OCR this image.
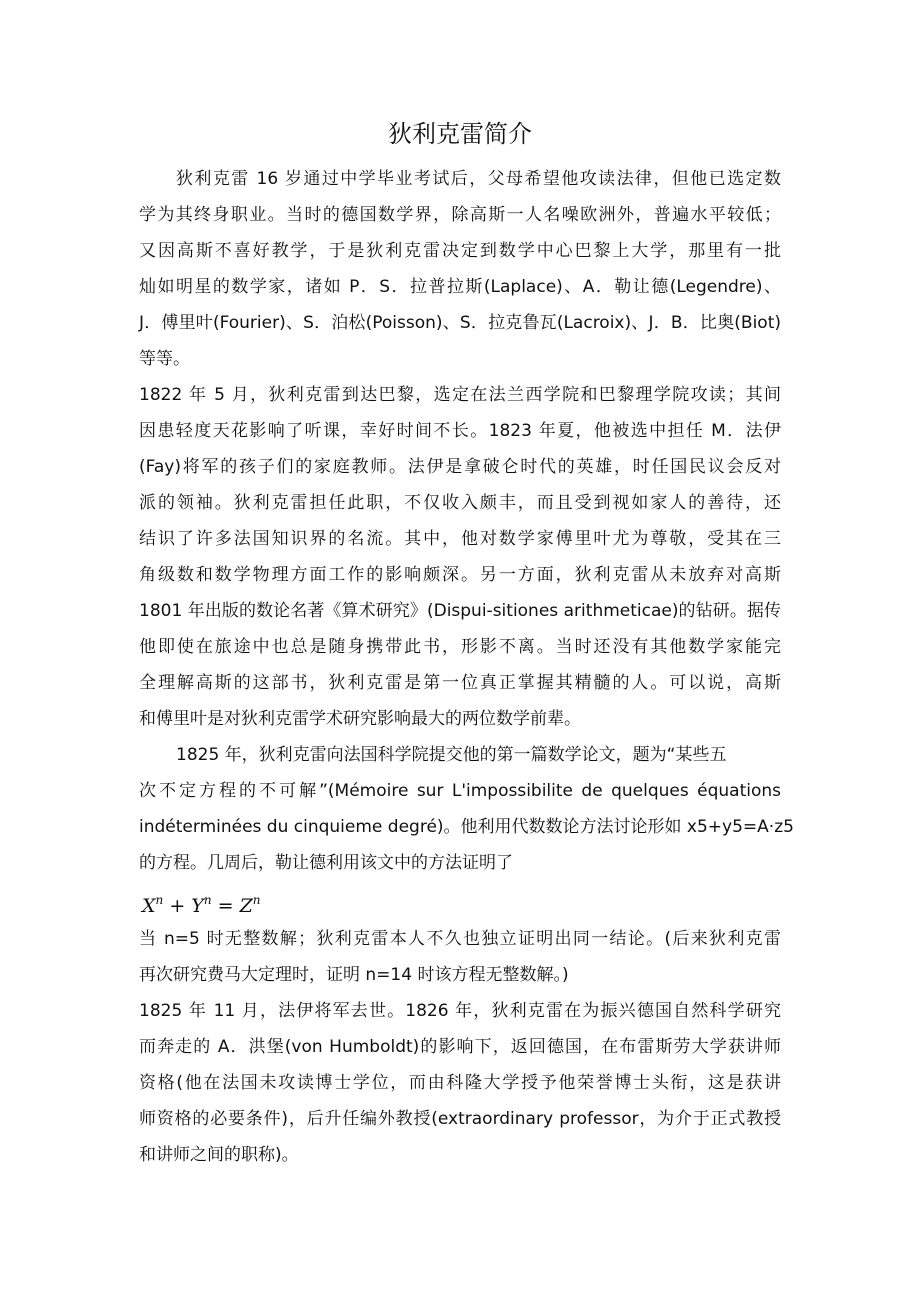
狄利克雷简介

狄利克雷 16 岁通过中学毕业考试后，父母希望他攻读法律，但他已选定数

学为其终身职业。当时的德国数学界，除高斯一人名噪欧洲外，普遍水平较低；

又因高斯不喜好教学，于是狄利克雷决定到数学中心巴黎上大学，那里有一批

灿如明星的数学家，诸如 P．S．拉普拉斯(Laplace)、A．勒让德(Legendre)、

J．傅里叶(Fourier)、S．泊松(Poisson)、S．拉克鲁瓦(Lacroix)、J．B．比奥(Biot)

等等。

1822 年 5 月，狄利克雷到达巴黎，选定在法兰西学院和巴黎理学院攻读；其间

因患轻度天花影响了听课，幸好时间不长。1823 年夏，他被选中担任 M．法伊

(Fay)将军的孩子们的家庭教师。法伊是拿破仑时代的英雄，时任国民议会反对

派的领袖。狄利克雷担任此职，不仅收入颇丰，而且受到视如家人的善待，还

结识了许多法国知识界的名流。其中，他对数学家傅里叶尤为尊敬，受其在三

角级数和数学物理方面工作的影响颇深。另一方面，狄利克雷从未放弃对高斯

1801 年出版的数论名著《算术研究》(Dispui-sitiones arithmeticae)的钻研。据传

他即使在旅途中也总是随身携带此书，形影不离。当时还没有其他数学家能完

全理解高斯的这部书，狄利克雷是第一位真正掌握其精髓的人。可以说，高斯

和傅里叶是对狄利克雷学术研究影响最大的两位数学前辈。

1825 年，狄利克雷向法国科学院提交他的第一篇数学论文，题为“某些五

次不定方程的不可解”(Mémoire sur L'impossibilite de quelques équations

indéterminées du cinquieme degré)。他利用代数数论方法讨论形如 x5+y5=A·z5

的方程。几周后，勒让德利用该文中的方法证明了

$X^n + Y^n = Z^n$

当 n=5 时无整数解；狄利克雷本人不久也独立证明出同一结论。(后来狄利克雷

再次研究费马大定理时，证明 n=14 时该方程无整数解。)

1825 年 11 月，法伊将军去世。1826 年，狄利克雷在为振兴德国自然科学研究

而奔走的 A．洪堡(von Humboldt)的影响下，返回德国，在布雷斯劳大学获讲师

资格(他在法国未攻读博士学位，而由科隆大学授予他荣誉博士头衔，这是获讲

师资格的必要条件)，后升任编外教授(extraordinary professor，为介于正式教授

和讲师之间的职称)。
